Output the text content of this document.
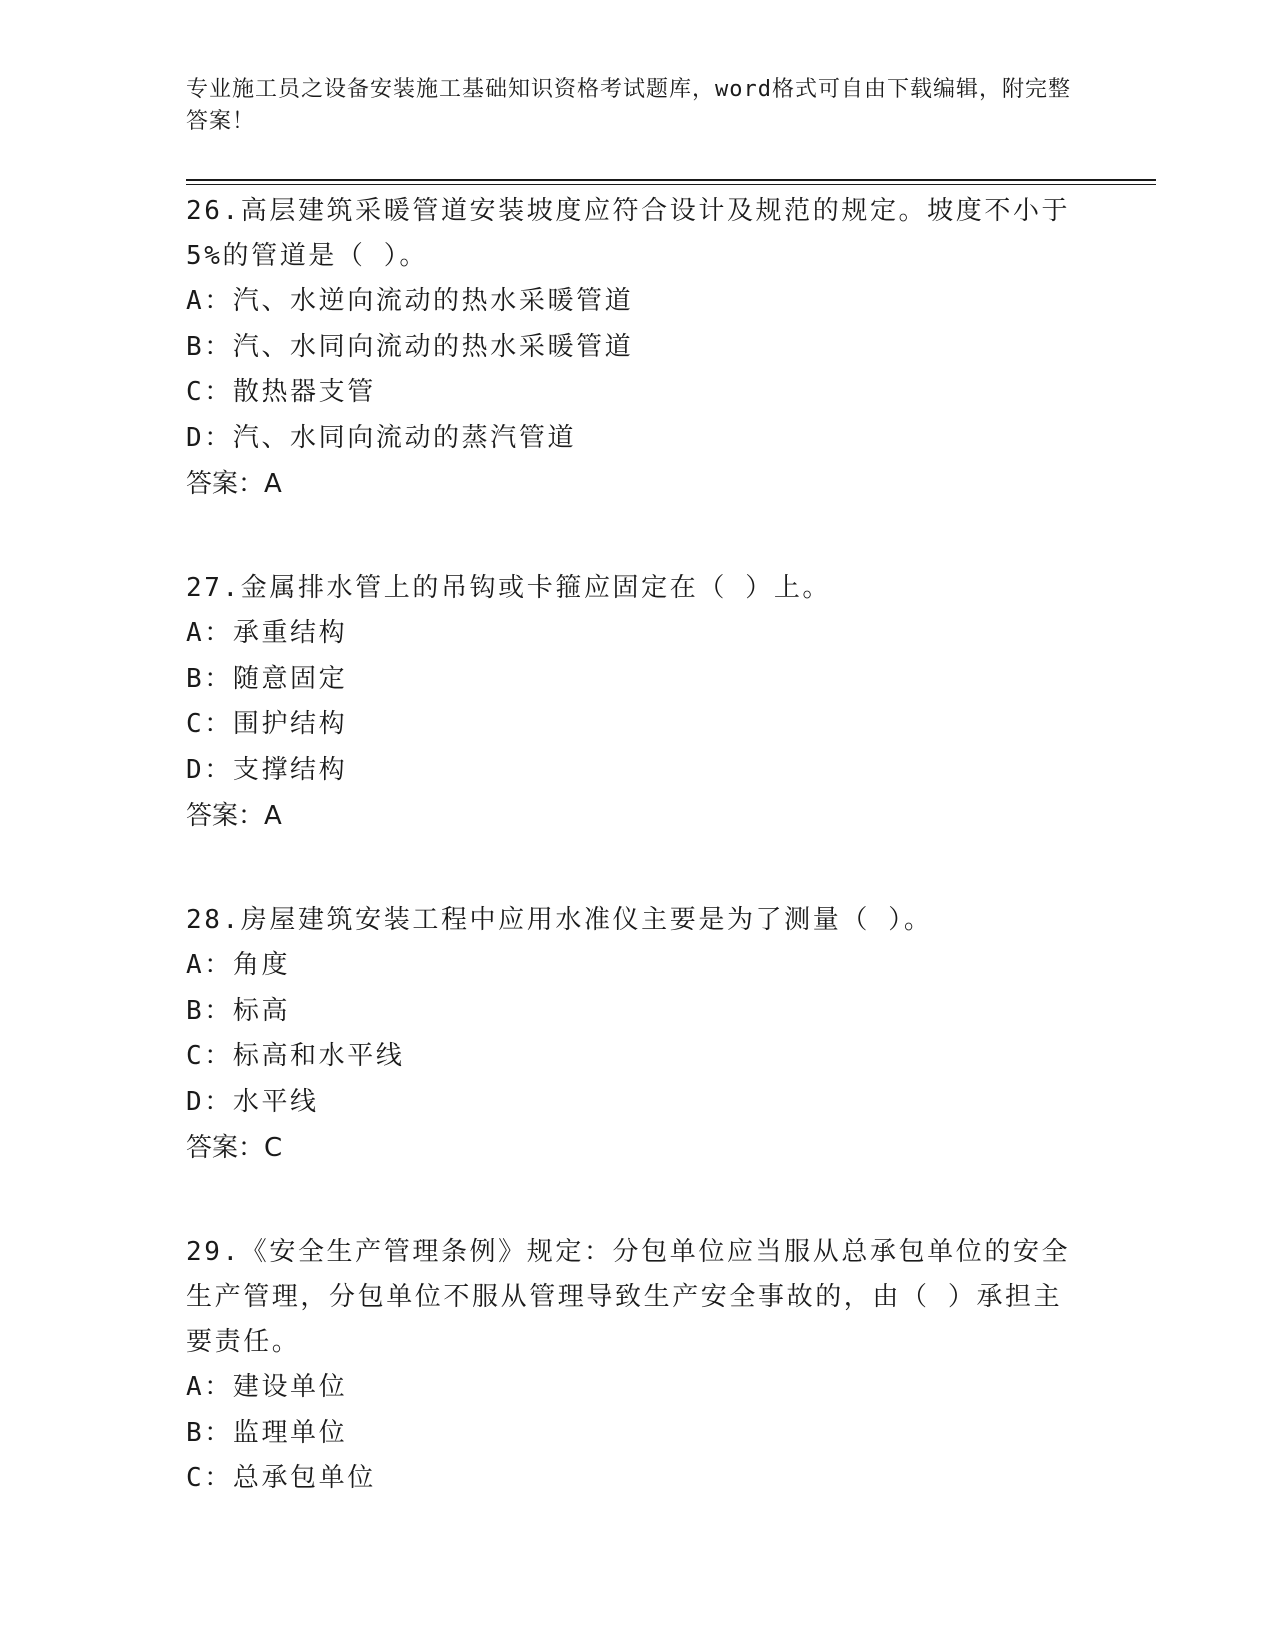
专业施工员之设备安装施工基础知识资格考试题库，word格式可自由下载编辑，附完整答案！

26.高层建筑采暖管道安装坡度应符合设计及规范的规定。坡度不小于5%的管道是（ ）。

A：汽、水逆向流动的热水采暖管道

B：汽、水同向流动的热水采暖管道

C：散热器支管

D：汽、水同向流动的蒸汽管道

答案：A

27.金属排水管上的吊钩或卡箍应固定在（ ）上。

A：承重结构

B：随意固定

C：围护结构

D：支撑结构

答案：A

28.房屋建筑安装工程中应用水准仪主要是为了测量（ ）。

A：角度

B：标高

C：标高和水平线

D：水平线

答案：C

29.《安全生产管理条例》规定：分包单位应当服从总承包单位的安全生产管理，分包单位不服从管理导致生产安全事故的，由（ ）承担主要责任。

A：建设单位

B：监理单位

C：总承包单位
